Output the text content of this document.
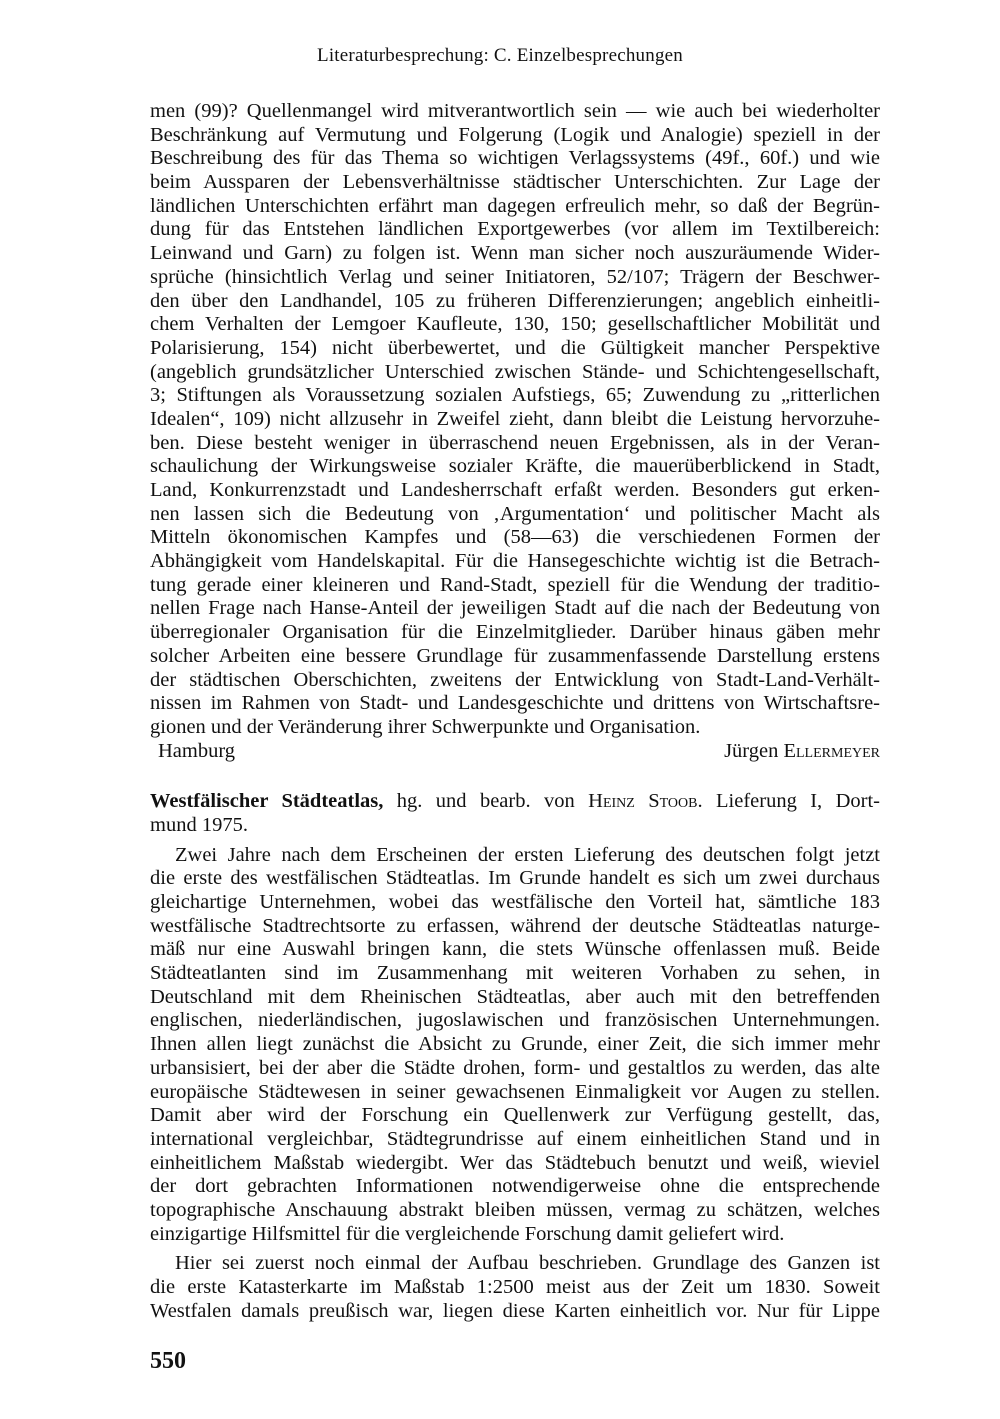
Literaturbesprechung: C. Einzelbesprechungen
men (99)? Quellenmangel wird mitverantwortlich sein — wie auch bei wiederholter
Beschränkung auf Vermutung und Folgerung (Logik und Analogie) speziell in der
Beschreibung des für das Thema so wichtigen Verlagssystems (49f., 60f.) und wie
beim Aussparen der Lebensverhältnisse städtischer Unterschichten. Zur Lage der
ländlichen Unterschichten erfährt man dagegen erfreulich mehr, so daß der Begrün-
dung für das Entstehen ländlichen Exportgewerbes (vor allem im Textilbereich:
Leinwand und Garn) zu folgen ist. Wenn man sicher noch auszuräumende Wider-
sprüche (hinsichtlich Verlag und seiner Initiatoren, 52/107; Trägern der Beschwer-
den über den Landhandel, 105 zu früheren Differenzierungen; angeblich einheitli-
chem Verhalten der Lemgoer Kaufleute, 130, 150; gesellschaftlicher Mobilität und
Polarisierung, 154) nicht überbewertet, und die Gültigkeit mancher Perspektive
(angeblich grundsätzlicher Unterschied zwischen Stände- und Schichtengesellschaft,
3; Stiftungen als Voraussetzung sozialen Aufstiegs, 65; Zuwendung zu „ritterlichen
Idealen“, 109) nicht allzusehr in Zweifel zieht, dann bleibt die Leistung hervorzuhe-
ben. Diese besteht weniger in überraschend neuen Ergebnissen, als in der Veran-
schaulichung der Wirkungsweise sozialer Kräfte, die mauerüberblickend in Stadt,
Land, Konkurrenzstadt und Landesherrschaft erfaßt werden. Besonders gut erken-
nen lassen sich die Bedeutung von ‚Argumentation‘ und politischer Macht als
Mitteln ökonomischen Kampfes und (58—63) die verschiedenen Formen der
Abhängigkeit vom Handelskapital. Für die Hansegeschichte wichtig ist die Betrach-
tung gerade einer kleineren und Rand-Stadt, speziell für die Wendung der traditio-
nellen Frage nach Hanse-Anteil der jeweiligen Stadt auf die nach der Bedeutung von
überregionaler Organisation für die Einzelmitglieder. Darüber hinaus gäben mehr
solcher Arbeiten eine bessere Grundlage für zusammenfassende Darstellung erstens
der städtischen Oberschichten, zweitens der Entwicklung von Stadt-Land-Verhält-
nissen im Rahmen von Stadt- und Landesgeschichte und drittens von Wirtschaftsre-
gionen und der Veränderung ihrer Schwerpunkte und Organisation.
Hamburg	Jürgen Ellermeyer
Westfälischer Städteatlas, hg. und bearb. von Heinz Stoob. Lieferung I, Dort-
mund 1975.
Zwei Jahre nach dem Erscheinen der ersten Lieferung des deutschen folgt jetzt
die erste des westfälischen Städteatlas. Im Grunde handelt es sich um zwei durchaus
gleichartige Unternehmen, wobei das westfälische den Vorteil hat, sämtliche 183
westfälische Stadtrechtsorte zu erfassen, während der deutsche Städteatlas naturge-
mäß nur eine Auswahl bringen kann, die stets Wünsche offenlassen muß. Beide
Städteatlanten sind im Zusammenhang mit weiteren Vorhaben zu sehen, in
Deutschland mit dem Rheinischen Städteatlas, aber auch mit den betreffenden
englischen, niederländischen, jugoslawischen und französischen Unternehmungen.
Ihnen allen liegt zunächst die Absicht zu Grunde, einer Zeit, die sich immer mehr
urbansisiert, bei der aber die Städte drohen, form- und gestaltlos zu werden, das alte
europäische Städtewesen in seiner gewachsenen Einmaligkeit vor Augen zu stellen.
Damit aber wird der Forschung ein Quellenwerk zur Verfügung gestellt, das,
international vergleichbar, Städtegrundrisse auf einem einheitlichen Stand und in
einheitlichem Maßstab wiedergibt. Wer das Städtebuch benutzt und weiß, wieviel
der dort gebrachten Informationen notwendigerweise ohne die entsprechende
topographische Anschauung abstrakt bleiben müssen, vermag zu schätzen, welches
einzigartige Hilfsmittel für die vergleichende Forschung damit geliefert wird.
Hier sei zuerst noch einmal der Aufbau beschrieben. Grundlage des Ganzen ist
die erste Katasterkarte im Maßstab 1:2500 meist aus der Zeit um 1830. Soweit
Westfalen damals preußisch war, liegen diese Karten einheitlich vor. Nur für Lippe
550
